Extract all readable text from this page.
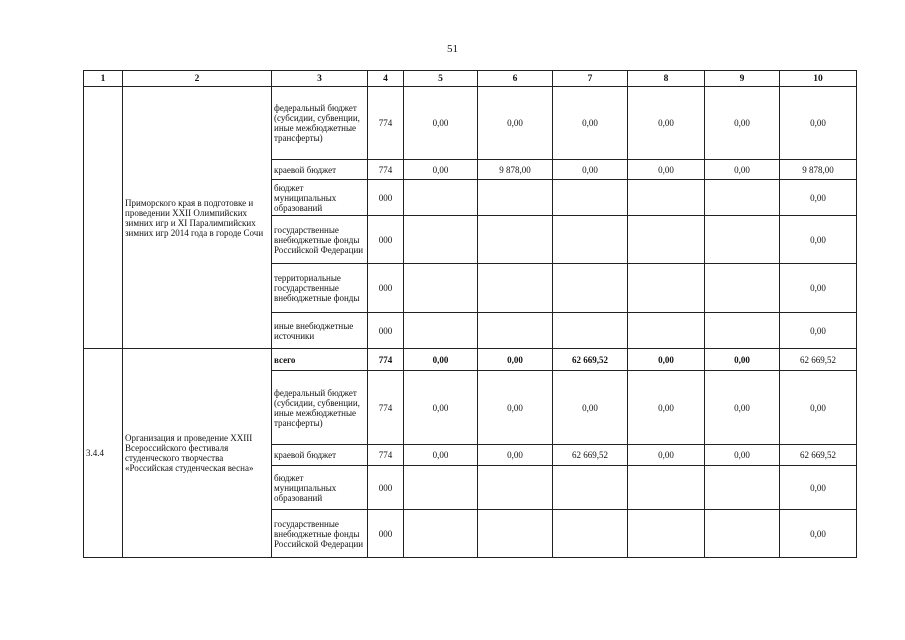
51
1	2	3	4	5	6	7	8	9	10
	Приморского края в подготовке и проведении XXII Олимпийских зимних игр и XI Паралимпийских зимних игр 2014 года в городе Сочи	федеральный бюджет (субсидии, субвенции, иные межбюджетные трансферты)	774	0,00	0,00	0,00	0,00	0,00	0,00
		краевой бюджет	774	0,00	9 878,00	0,00	0,00	0,00	9 878,00
		бюджет муниципальных образований	000						0,00
		государственные внебюджетные фонды Российской Федерации	000						0,00
		территориальные государственные внебюджетные фонды	000						0,00
		иные внебюджетные источники	000						0,00
3.4.4	Организация и проведение XXIII Всероссийского фестиваля студенческого творчества «Российская студенческая весна»	всего	774	0,00	0,00	62 669,52	0,00	0,00	62 669,52
		федеральный бюджет (субсидии, субвенции, иные межбюджетные трансферты)	774	0,00	0,00	0,00	0,00	0,00	0,00
		краевой бюджет	774	0,00	0,00	62 669,52	0,00	0,00	62 669,52
		бюджет муниципальных образований	000						0,00
		государственные внебюджетные фонды Российской Федерации	000						0,00
